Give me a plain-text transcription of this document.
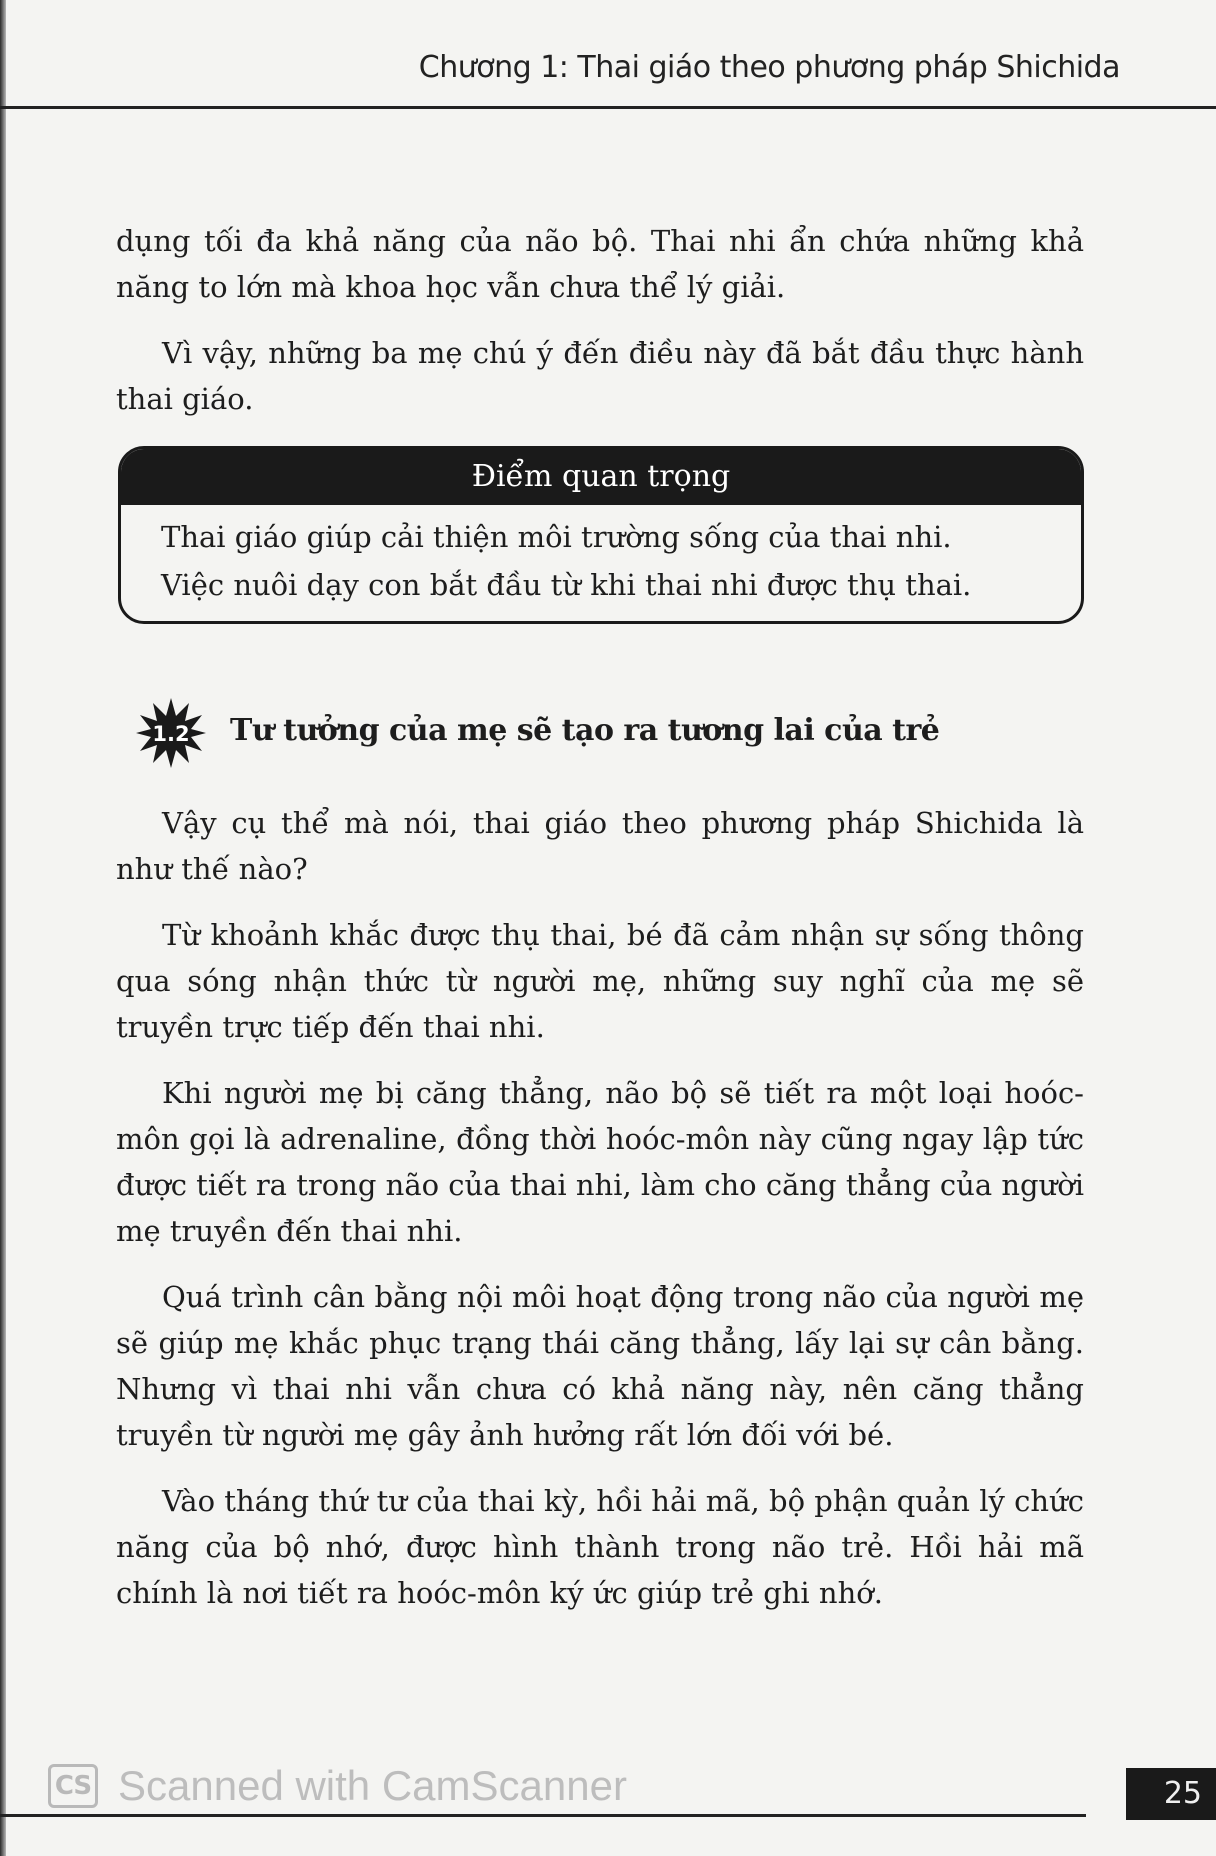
Chương 1: Thai giáo theo phương pháp Shichida

dụng tối đa khả năng của não bộ. Thai nhi ẩn chứa những khả năng to lớn mà khoa học vẫn chưa thể lý giải.

Vì vậy, những ba mẹ chú ý đến điều này đã bắt đầu thực hành thai giáo.

Điểm quan trọng
Thai giáo giúp cải thiện môi trường sống của thai nhi.
Việc nuôi dạy con bắt đầu từ khi thai nhi được thụ thai.
1.2 Tư tưởng của mẹ sẽ tạo ra tương lai của trẻ

Vậy cụ thể mà nói, thai giáo theo phương pháp Shichida là như thế nào?

Từ khoảnh khắc được thụ thai, bé đã cảm nhận sự sống thông qua sóng nhận thức từ người mẹ, những suy nghĩ của mẹ sẽ truyền trực tiếp đến thai nhi.

Khi người mẹ bị căng thẳng, não bộ sẽ tiết ra một loại hoóc-môn gọi là adrenaline, đồng thời hoóc-môn này cũng ngay lập tức được tiết ra trong não của thai nhi, làm cho căng thẳng của người mẹ truyền đến thai nhi.

Quá trình cân bằng nội môi hoạt động trong não của người mẹ sẽ giúp mẹ khắc phục trạng thái căng thẳng, lấy lại sự cân bằng. Nhưng vì thai nhi vẫn chưa có khả năng này, nên căng thẳng truyền từ người mẹ gây ảnh hưởng rất lớn đối với bé.

Vào tháng thứ tư của thai kỳ, hồi hải mã, bộ phận quản lý chức năng của bộ nhớ, được hình thành trong não trẻ. Hồi hải mã chính là nơi tiết ra hoóc-môn ký ức giúp trẻ ghi nhớ.

CS Scanned with CamScanner	25
